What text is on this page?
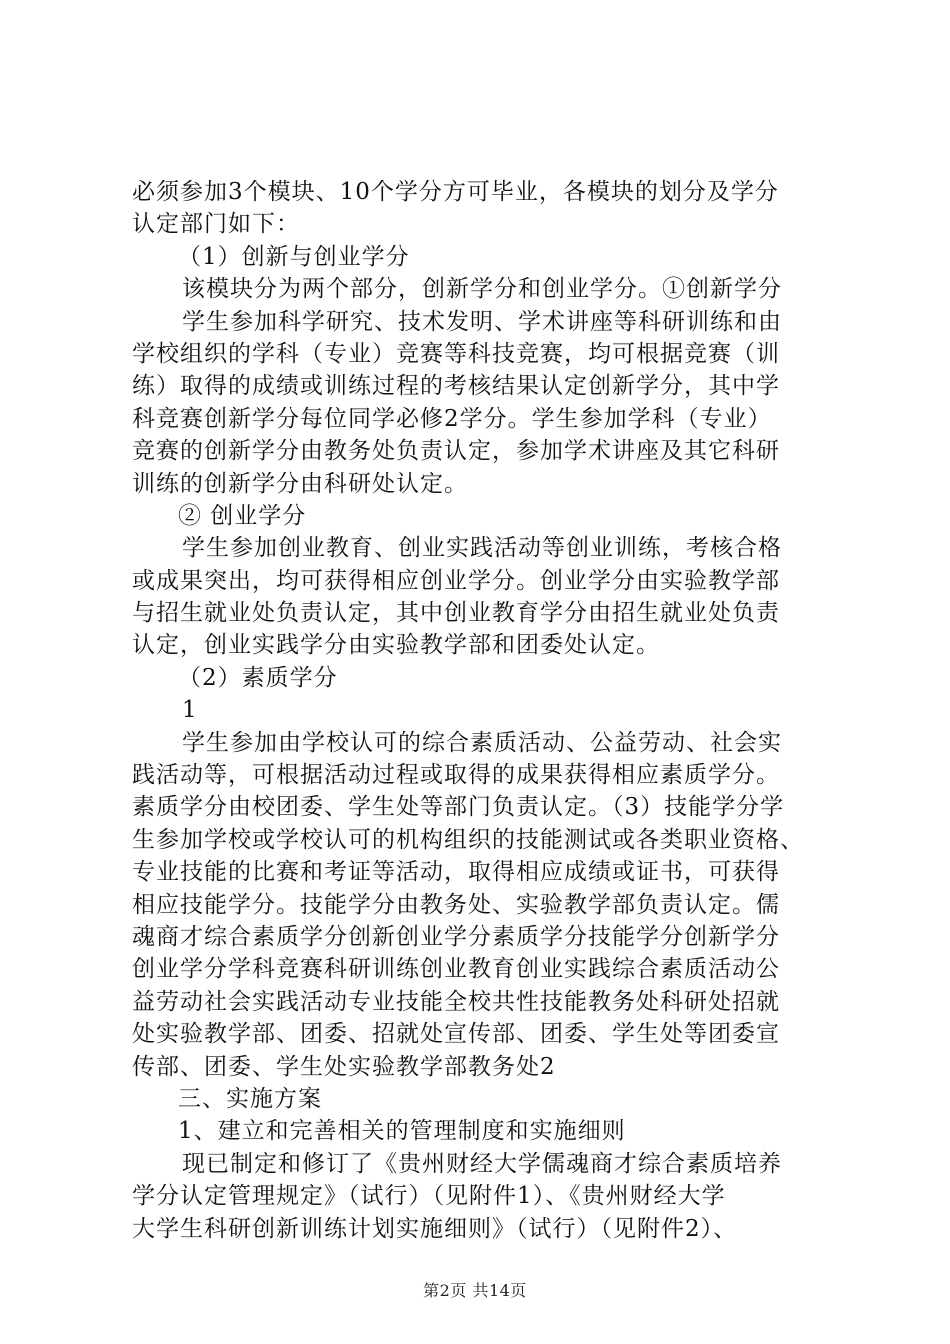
必须参加3个模块、10个学分方可毕业，各模块的划分及学分
认定部门如下：
（1）创新与创业学分
该模块分为两个部分，创新学分和创业学分。①创新学分
学生参加科学研究、技术发明、学术讲座等科研训练和由
学校组织的学科（专业）竞赛等科技竞赛，均可根据竞赛（训
练）取得的成绩或训练过程的考核结果认定创新学分，其中学
科竞赛创新学分每位同学必修2学分。学生参加学科（专业）
竞赛的创新学分由教务处负责认定，参加学术讲座及其它科研
训练的创新学分由科研处认定。
② 创业学分
学生参加创业教育、创业实践活动等创业训练，考核合格
或成果突出，均可获得相应创业学分。创业学分由实验教学部
与招生就业处负责认定，其中创业教育学分由招生就业处负责
认定，创业实践学分由实验教学部和团委处认定。
（2）素质学分
1
学生参加由学校认可的综合素质活动、公益劳动、社会实
践活动等，可根据活动过程或取得的成果获得相应素质学分。
素质学分由校团委、学生处等部门负责认定。（3）技能学分学
生参加学校或学校认可的机构组织的技能测试或各类职业资格、
专业技能的比赛和考证等活动，取得相应成绩或证书，可获得
相应技能学分。技能学分由教务处、实验教学部负责认定。儒
魂商才综合素质学分创新创业学分素质学分技能学分创新学分
创业学分学科竞赛科研训练创业教育创业实践综合素质活动公
益劳动社会实践活动专业技能全校共性技能教务处科研处招就
处实验教学部、团委、招就处宣传部、团委、学生处等团委宣
传部、团委、学生处实验教学部教务处2
三、实施方案
1、建立和完善相关的管理制度和实施细则
现已制定和修订了《贵州财经大学儒魂商才综合素质培养
学分认定管理规定》（试行）（见附件1）、《贵州财经大学
大学生科研创新训练计划实施细则》（试行）（见附件2）、
第2页 共14页
